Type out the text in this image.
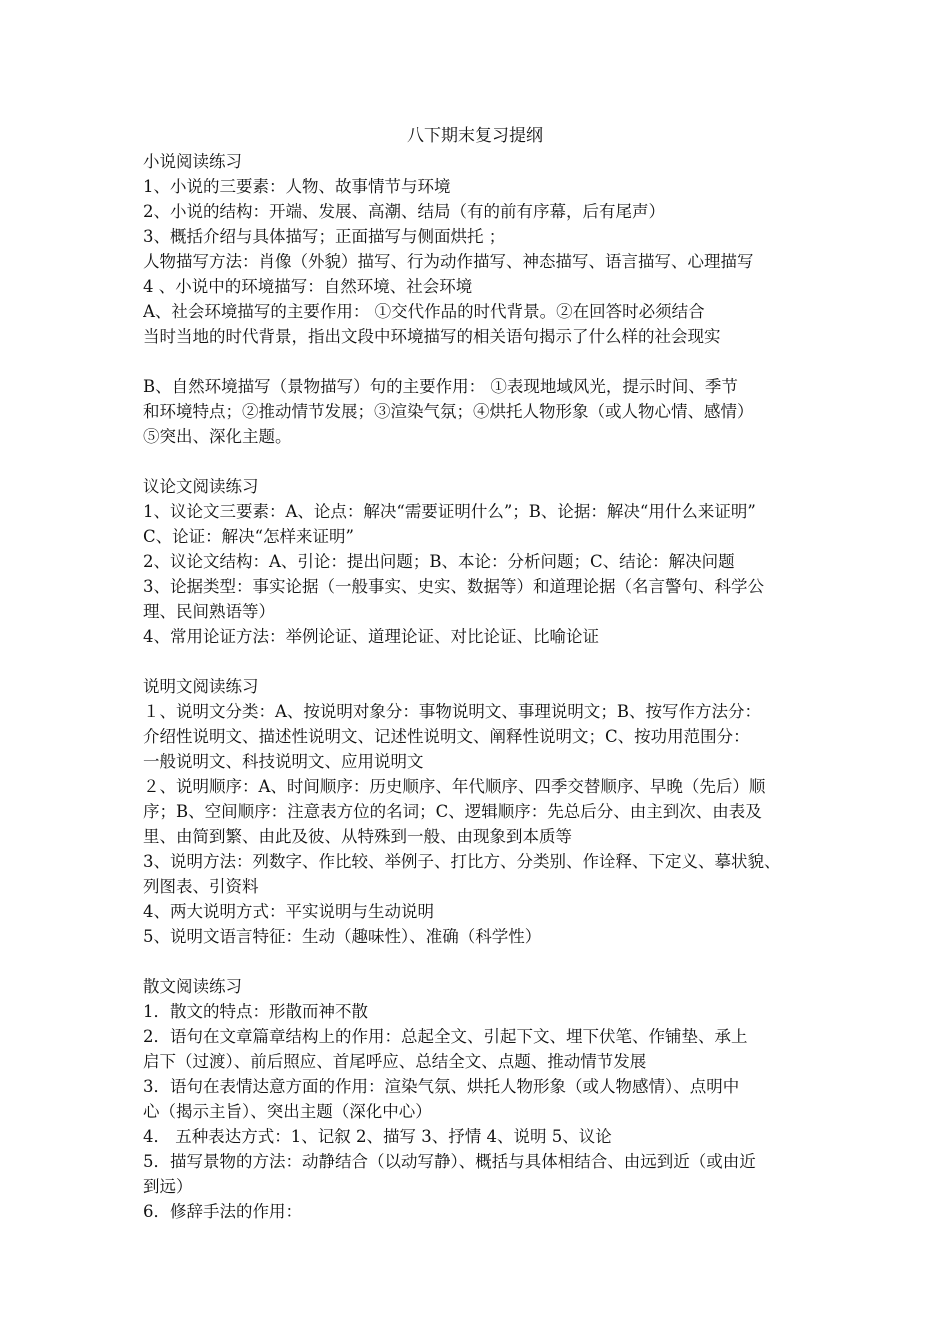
八下期末复习提纲
小说阅读练习
1、小说的三要素：人物、故事情节与环境
2、小说的结构：开端、发展、高潮、结局（有的前有序幕，后有尾声）
3、概括介绍与具体描写；正面描写与侧面烘托 ；
人物描写方法：肖像（外貌）描写、行为动作描写、神态描写、语言描写、心理描写
4 、小说中的环境描写：自然环境、社会环境
A、社会环境描写的主要作用： ①交代作品的时代背景。②在回答时必须结合
当时当地的时代背景，指出文段中环境描写的相关语句揭示了什么样的社会现实
B、自然环境描写（景物描写）句的主要作用： ①表现地域风光，提示时间、季节
和环境特点；②推动情节发展；③渲染气氛；④烘托人物形象（或人物心情、感情）
⑤突出、深化主题。
议论文阅读练习
1、议论文三要素：A、论点：解决“需要证明什么”；B、论据：解决“用什么来证明”
C、论证：解决“怎样来证明”
2、议论文结构：A、引论：提出问题；B、本论：分析问题；C、结论：解决问题
3、论据类型：事实论据（一般事实、史实、数据等）和道理论据（名言警句、科学公
理、民间熟语等）
4、常用论证方法：举例论证、道理论证、对比论证、比喻论证
说明文阅读练习
１、说明文分类：A、按说明对象分：事物说明文、事理说明文；B、按写作方法分：
介绍性说明文、描述性说明文、记述性说明文、阐释性说明文；C、按功用范围分：
一般说明文、科技说明文、应用说明文
２、说明顺序：A、时间顺序：历史顺序、年代顺序、四季交替顺序、早晚（先后）顺
序；B、空间顺序：注意表方位的名词；C、逻辑顺序：先总后分、由主到次、由表及
里、由简到繁、由此及彼、从特殊到一般、由现象到本质等
3、说明方法：列数字、作比较、举例子、打比方、分类别、作诠释、下定义、摹状貌、
列图表、引资料
4、两大说明方式：平实说明与生动说明
5、说明文语言特征：生动（趣味性）、准确（科学性）
散文阅读练习
1．散文的特点：形散而神不散
2．语句在文章篇章结构上的作用：总起全文、引起下文、埋下伏笔、作铺垫、承上
启下（过渡）、前后照应、首尾呼应、总结全文、点题、推动情节发展
3．语句在表情达意方面的作用：渲染气氛、烘托人物形象（或人物感情）、点明中
心（揭示主旨）、突出主题（深化中心）
4． 五种表达方式：1、记叙 2、描写 3、抒情 4、说明 5、议论
5．描写景物的方法：动静结合（以动写静）、概括与具体相结合、由远到近（或由近
到远）
6．修辞手法的作用：
